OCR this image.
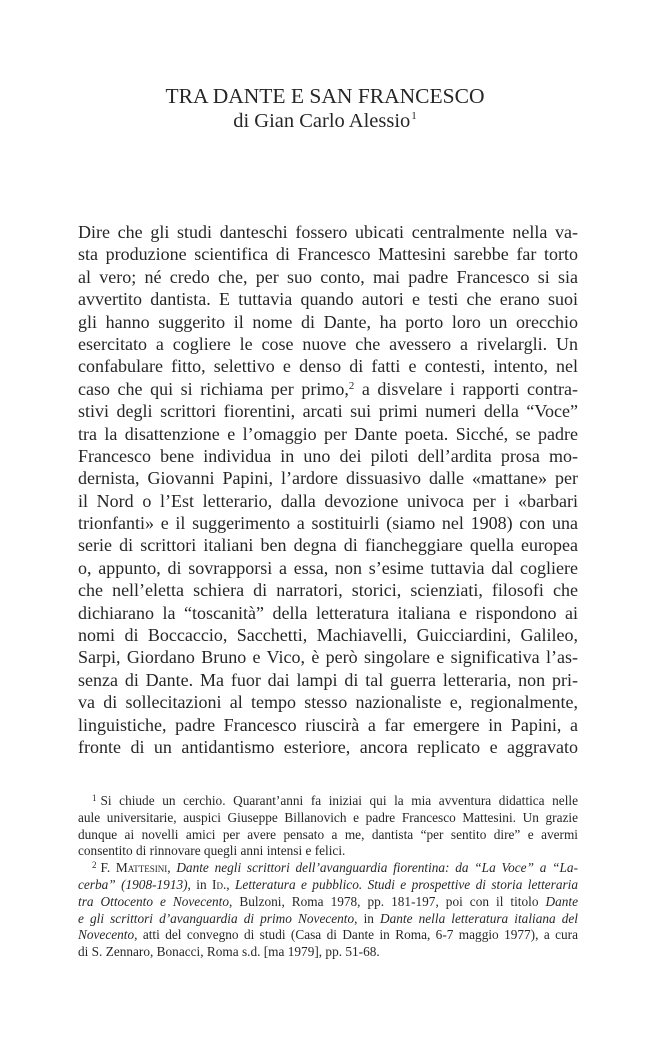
TRA DANTE E SAN FRANCESCO
di Gian Carlo Alessio$^1$
Dire che gli studi danteschi fossero ubicati centralmente nella va-
sta produzione scientifica di Francesco Mattesini sarebbe far torto
al vero; né credo che, per suo conto, mai padre Francesco si sia
avvertito dantista. E tuttavia quando autori e testi che erano suoi
gli hanno suggerito il nome di Dante, ha porto loro un orecchio
esercitato a cogliere le cose nuove che avessero a rivelargli. Un
confabulare fitto, selettivo e denso di fatti e contesti, intento, nel
caso che qui si richiama per primo,$^2$ a disvelare i rapporti contra-
stivi degli scrittori fiorentini, arcati sui primi numeri della “Voce”
tra la disattenzione e l’omaggio per Dante poeta. Sicché, se padre
Francesco bene individua in uno dei piloti dell’ardita prosa mo-
dernista, Giovanni Papini, l’ardore dissuasivo dalle «mattane» per
il Nord o l’Est letterario, dalla devozione univoca per i «barbari
trionfanti» e il suggerimento a sostituirli (siamo nel 1908) con una
serie di scrittori italiani ben degna di fiancheggiare quella europea
o, appunto, di sovrapporsi a essa, non s’esime tuttavia dal cogliere
che nell’eletta schiera di narratori, storici, scienziati, filosofi che
dichiarano la “toscanità” della letteratura italiana e rispondono ai
nomi di Boccaccio, Sacchetti, Machiavelli, Guicciardini, Galileo,
Sarpi, Giordano Bruno e Vico, è però singolare e significativa l’as-
senza di Dante. Ma fuor dai lampi di tal guerra letteraria, non pri-
va di sollecitazioni al tempo stesso nazionaliste e, regionalmente,
linguistiche, padre Francesco riuscirà a far emergere in Papini, a
fronte di un antidantismo esteriore, ancora replicato e aggravato
$^1$ Si chiude un cerchio. Quarant’anni fa iniziai qui la mia avventura didattica nelle
aule universitarie, auspici Giuseppe Billanovich e padre Francesco Mattesini. Un grazie
dunque ai novelli amici per avere pensato a me, dantista “per sentito dire” e avermi
consentito di rinnovare quegli anni intensi e felici.
$^2$ F. Mattesini, Dante negli scrittori dell’avanguardia fiorentina: da “La Voce” a “La-
cerba” (1908-1913), in Id., Letteratura e pubblico. Studi e prospettive di storia letteraria
tra Ottocento e Novecento, Bulzoni, Roma 1978, pp. 181-197, poi con il titolo Dante
e gli scrittori d’avanguardia di primo Novecento, in Dante nella letteratura italiana del
Novecento, atti del convegno di studi (Casa di Dante in Roma, 6-7 maggio 1977), a cura
di S. Zennaro, Bonacci, Roma s.d. [ma 1979], pp. 51-68.
